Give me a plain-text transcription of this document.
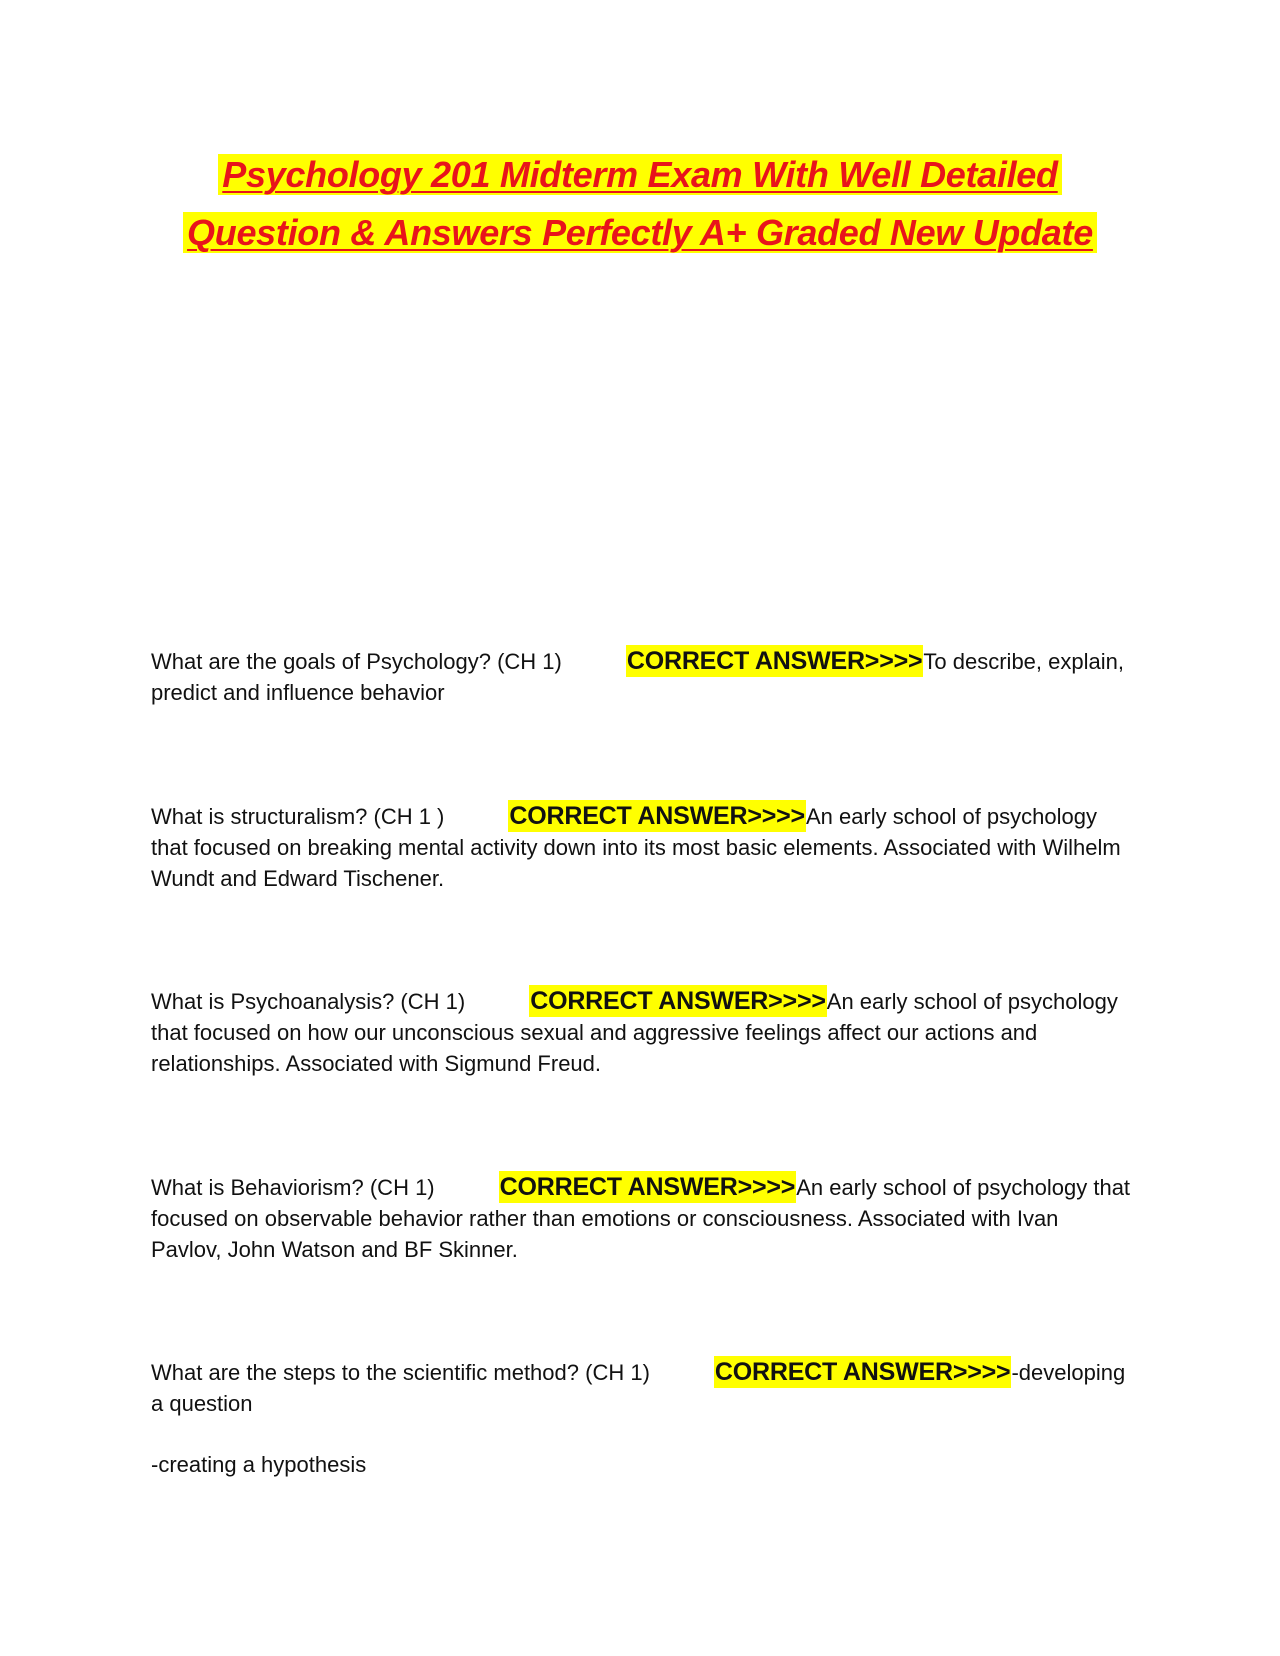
Psychology 201 Midterm Exam With Well Detailed
Question & Answers Perfectly A+ Graded New Update
What are the goals of Psychology? (CH 1)	CORRECT ANSWER>>>>To describe, explain, predict and influence behavior
What is structuralism? (CH 1 )	CORRECT ANSWER>>>>An early school of psychology that focused on breaking mental activity down into its most basic elements. Associated with Wilhelm Wundt and Edward Tischener.
What is Psychoanalysis? (CH 1)	CORRECT ANSWER>>>>An early school of psychology that focused on how our unconscious sexual and aggressive feelings affect our actions and relationships. Associated with Sigmund Freud.
What is Behaviorism? (CH 1)	CORRECT ANSWER>>>>An early school of psychology that focused on observable behavior rather than emotions or consciousness. Associated with Ivan Pavlov, John Watson and BF Skinner.
What are the steps to the scientific method? (CH 1)	CORRECT ANSWER>>>>-developing a question
-creating a hypothesis
